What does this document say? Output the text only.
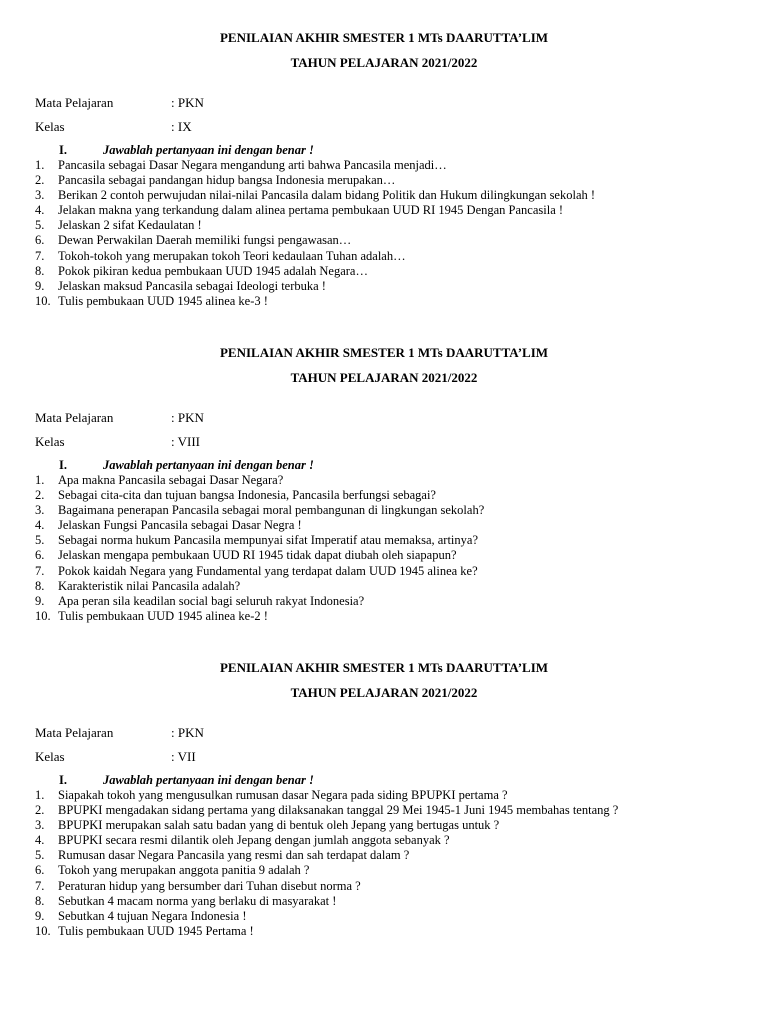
PENILAIAN AKHIR SMESTER 1 MTs DAARUTTA’LIM
TAHUN PELAJARAN 2021/2022
Mata Pelajaran	: PKN
Kelas	: IX
I.	Jawablah pertanyaan ini dengan benar !
1. Pancasila sebagai Dasar Negara mengandung arti bahwa Pancasila menjadi…
2. Pancasila sebagai pandangan hidup bangsa Indonesia merupakan…
3. Berikan 2 contoh perwujudan nilai-nilai Pancasila dalam bidang Politik dan Hukum dilingkungan sekolah !
4. Jelakan makna yang terkandung dalam alinea pertama pembukaan UUD RI 1945 Dengan Pancasila !
5. Jelaskan 2 sifat Kedaulatan !
6. Dewan Perwakilan Daerah memiliki fungsi pengawasan…
7. Tokoh-tokoh yang merupakan tokoh Teori kedaulaan Tuhan adalah…
8. Pokok pikiran kedua pembukaan UUD 1945 adalah Negara…
9. Jelaskan maksud Pancasila sebagai Ideologi terbuka !
10. Tulis pembukaan UUD 1945 alinea ke-3 !
PENILAIAN AKHIR SMESTER 1 MTs DAARUTTA’LIM
TAHUN PELAJARAN 2021/2022
Mata Pelajaran	: PKN
Kelas	: VIII
I.	Jawablah pertanyaan ini dengan benar !
1. Apa makna Pancasila sebagai Dasar Negara?
2. Sebagai cita-cita dan tujuan bangsa Indonesia, Pancasila berfungsi sebagai?
3. Bagaimana penerapan Pancasila sebagai moral pembangunan di lingkungan sekolah?
4. Jelaskan Fungsi Pancasila sebagai Dasar Negra !
5. Sebagai norma hukum Pancasila mempunyai sifat Imperatif atau memaksa, artinya?
6. Jelaskan mengapa pembukaan UUD RI 1945 tidak dapat diubah oleh siapapun?
7. Pokok kaidah Negara yang Fundamental yang terdapat dalam UUD 1945 alinea ke?
8. Karakteristik nilai Pancasila adalah?
9. Apa peran sila keadilan social bagi seluruh rakyat Indonesia?
10. Tulis pembukaan UUD 1945 alinea ke-2 !
PENILAIAN AKHIR SMESTER 1 MTs DAARUTTA’LIM
TAHUN PELAJARAN 2021/2022
Mata Pelajaran	: PKN
Kelas	: VII
I.	Jawablah pertanyaan ini dengan benar !
1. Siapakah tokoh yang mengusulkan rumusan dasar Negara pada siding BPUPKI pertama ?
2. BPUPKI mengadakan sidang pertama yang dilaksanakan tanggal 29 Mei 1945-1 Juni 1945 membahas tentang ?
3. BPUPKI merupakan salah satu badan yang di bentuk oleh Jepang yang bertugas untuk ?
4. BPUPKI secara resmi dilantik oleh Jepang dengan jumlah anggota sebanyak ?
5. Rumusan dasar Negara Pancasila yang resmi dan sah terdapat dalam ?
6. Tokoh yang merupakan anggota panitia 9 adalah ?
7. Peraturan hidup yang bersumber dari Tuhan disebut norma ?
8. Sebutkan 4 macam norma yang berlaku di masyarakat !
9. Sebutkan 4 tujuan Negara Indonesia !
10. Tulis pembukaan UUD 1945 Pertama !
